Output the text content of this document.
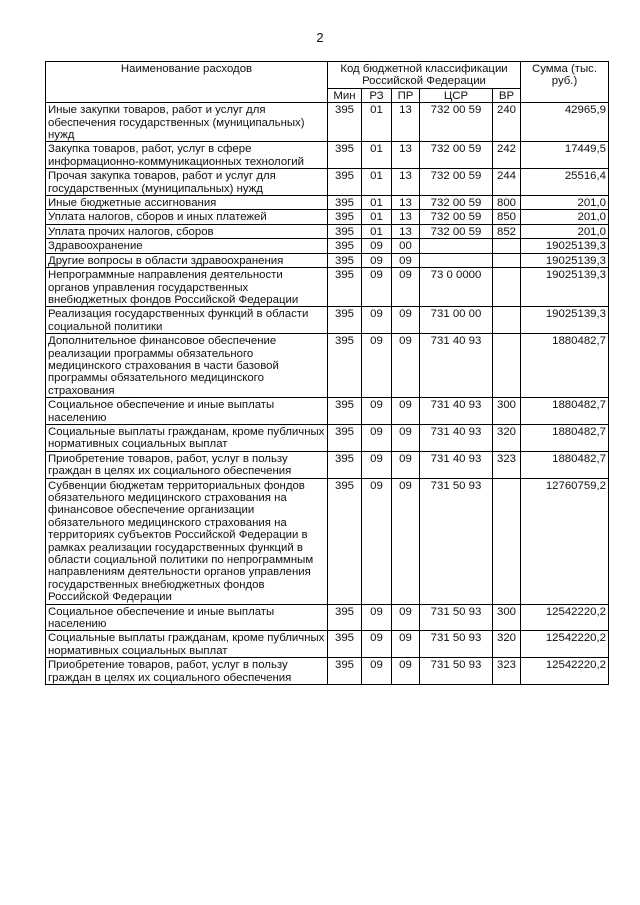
2
Наименование расходов	Код бюджетной классификации Российской Федерации					Сумма (тыс. руб.)
	Мин	РЗ	ПР	ЦСР	ВР	
Иные закупки товаров, работ и услуг для обеспечения государственных (муниципальных) нужд	395	01	13	732 00 59	240	42965,9
Закупка товаров, работ, услуг в сфере информационно-коммуникационных технологий	395	01	13	732 00 59	242	17449,5
Прочая закупка товаров, работ и услуг для государственных (муниципальных) нужд	395	01	13	732 00 59	244	25516,4
Иные бюджетные ассигнования	395	01	13	732 00 59	800	201,0
Уплата налогов, сборов и иных платежей	395	01	13	732 00 59	850	201,0
Уплата прочих налогов, сборов	395	01	13	732 00 59	852	201,0
Здравоохранение	395	09	00			19025139,3
Другие вопросы в области здравоохранения	395	09	09			19025139,3
Непрограммные направления деятельности органов управления государственных внебюджетных фондов Российской Федерации	395	09	09	73 0 0000		19025139,3
Реализация государственных функций в области социальной политики	395	09	09	731 00 00		19025139,3
Дополнительное финансовое обеспечение реализации программы обязательного медицинского страхования в части базовой программы обязательного медицинского страхования	395	09	09	731 40 93		1880482,7
Социальное обеспечение и иные выплаты населению	395	09	09	731 40 93	300	1880482,7
Социальные выплаты гражданам, кроме публичных нормативных социальных выплат	395	09	09	731 40 93	320	1880482,7
Приобретение товаров, работ, услуг в пользу граждан в целях их социального обеспечения	395	09	09	731 40 93	323	1880482,7
Субвенции бюджетам территориальных фондов обязательного медицинского страхования на финансовое обеспечение организации обязательного медицинского страхования на территориях субъектов Российской Федерации в рамках реализации государственных функций в области социальной политики по непрограммным направлениям деятельности органов управления государственных внебюджетных фондов Российской Федерации	395	09	09	731 50 93		12760759,2
Социальное обеспечение и иные выплаты населению	395	09	09	731 50 93	300	12542220,2
Социальные выплаты гражданам, кроме публичных нормативных социальных выплат	395	09	09	731 50 93	320	12542220,2
Приобретение товаров, работ, услуг в пользу граждан в целях их социального обеспечения	395	09	09	731 50 93	323	12542220,2
